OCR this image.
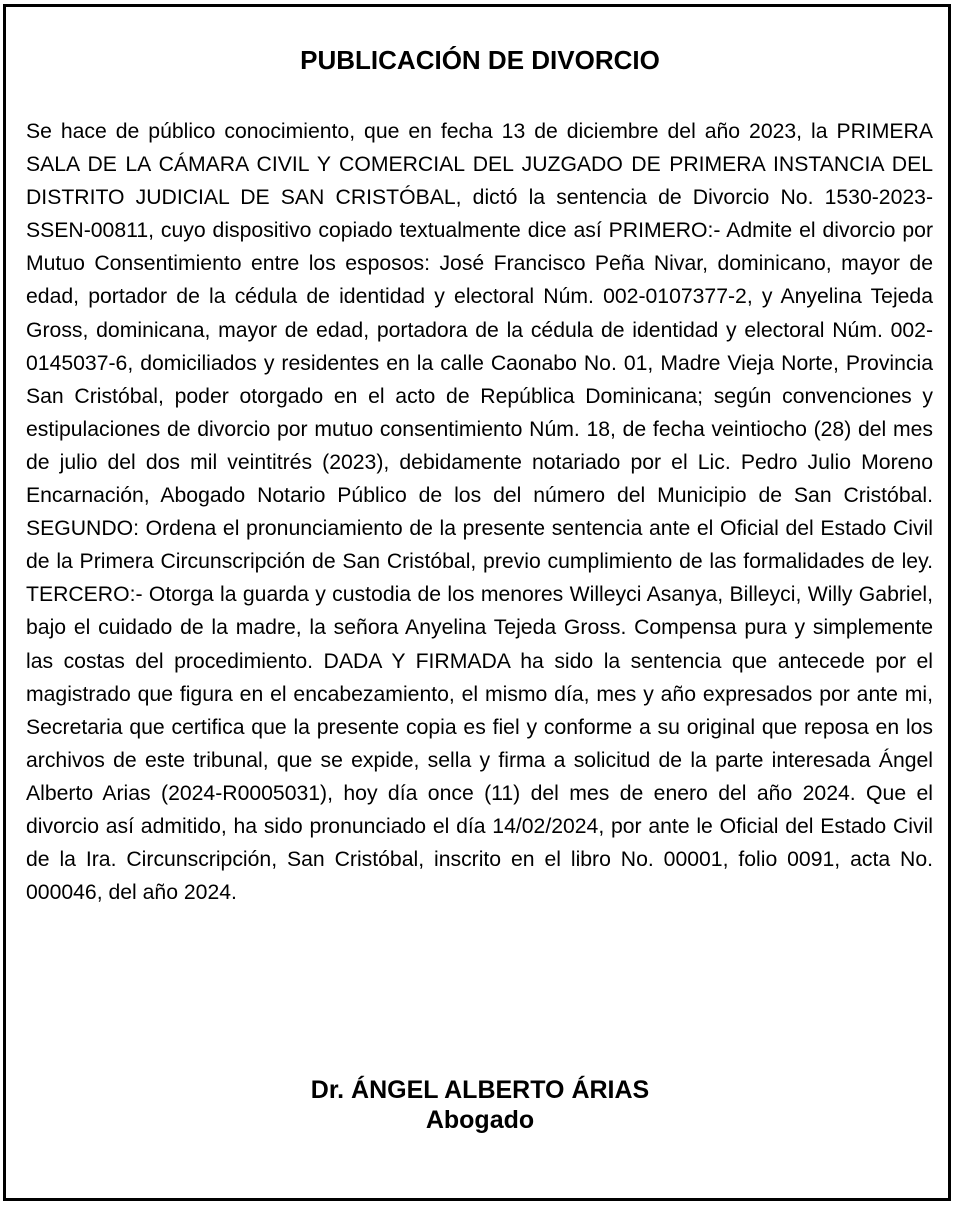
PUBLICACIÓN DE DIVORCIO

Se hace de público conocimiento, que en fecha 13 de diciembre del año 2023, la PRIMERA SALA DE LA CÁMARA CIVIL Y COMERCIAL DEL JUZGADO DE PRIMERA INSTANCIA DEL DISTRITO JUDICIAL DE SAN CRISTÓBAL, dictó la sentencia de Divorcio No. 1530-2023-SSEN-00811, cuyo dispositivo copiado textualmente dice así PRIMERO:- Admite el divorcio por Mutuo Consentimiento entre los esposos: José Francisco Peña Nivar, dominicano, mayor de edad, portador de la cédula de identidad y electoral Núm. 002-0107377-2, y Anyelina Tejeda Gross, dominicana, mayor de edad, portadora de la cédula de identidad y electoral Núm. 002-0145037-6, domiciliados y residentes en la calle Caonabo No. 01, Madre Vieja Norte, Provincia San Cristóbal, poder otorgado en el acto de República Dominicana; según convenciones y estipulaciones de divorcio por mutuo consentimiento Núm. 18, de fecha veintiocho (28) del mes de julio del dos mil veintitrés (2023), debidamente notariado por el Lic. Pedro Julio Moreno Encarnación, Abogado Notario Público de los del número del Municipio de San Cristóbal. SEGUNDO: Ordena el pronunciamiento de la presente sentencia ante el Oficial del Estado Civil de la Primera Circunscripción de San Cristóbal, previo cumplimiento de las formalidades de ley. TERCERO:- Otorga la guarda y custodia de los menores Willeyci Asanya, Billeyci, Willy Gabriel, bajo el cuidado de la madre, la señora Anyelina Tejeda Gross. Compensa pura y simplemente las costas del procedimiento. DADA Y FIRMADA ha sido la sentencia que antecede por el magistrado que figura en el encabezamiento, el mismo día, mes y año expresados por ante mi, Secretaria que certifica que la presente copia es fiel y conforme a su original que reposa en los archivos de este tribunal, que se expide, sella y firma a solicitud de la parte interesada Ángel Alberto Arias (2024-R0005031), hoy día once (11) del mes de enero del año 2024. Que el divorcio así admitido, ha sido pronunciado el día 14/02/2024, por ante le Oficial del Estado Civil de la Ira. Circunscripción, San Cristóbal, inscrito en el libro No. 00001, folio 0091, acta No. 000046, del año 2024.

Dr. ÁNGEL ALBERTO ÁRIAS
Abogado
